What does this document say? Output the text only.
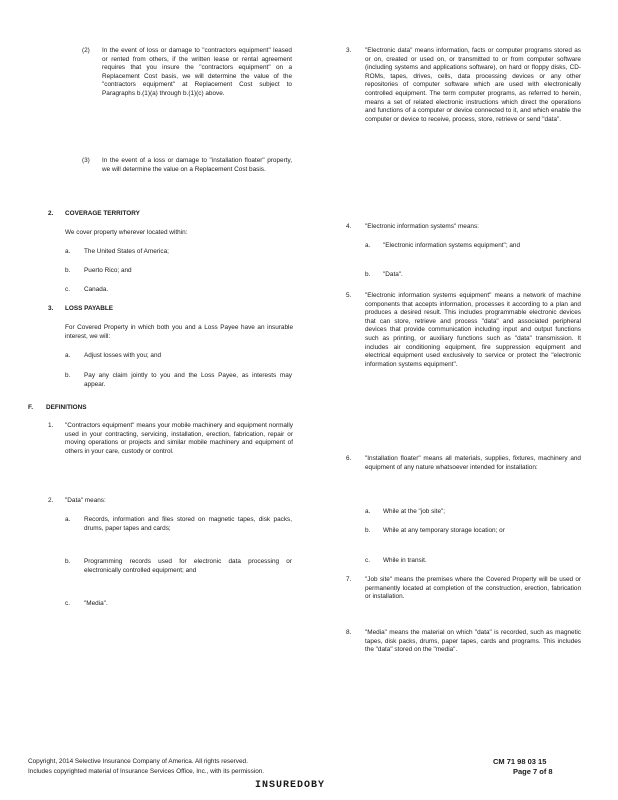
(2) In the event of loss or damage to "contractors equipment" leased or rented from others, if the written lease or rental agreement requires that you insure the "contractors equipment" on a Replacement Cost basis, we will determine the value of the "contractors equipment" at Replacement Cost subject to Paragraphs b.(1)(a) through b.(1)(c) above.

(3) In the event of a loss or damage to "installation floater" property, we will determine the value on a Replacement Cost basis.

2. COVERAGE TERRITORY
We cover property wherever located within:
a. The United States of America;
b. Puerto Rico; and
c. Canada.
3. LOSS PAYABLE

For Covered Property in which both you and a Loss Payee have an insurable interest, we will:

a. Adjust losses with you; and
b. Pay any claim jointly to you and the Loss Payee, as interests may appear.

F. DEFINITIONS
1. "Contractors equipment" means your mobile machinery and equipment normally used in your contracting, servicing, installation, erection, fabrication, repair or moving operations or projects and similar mobile machinery and equipment of others in your care, custody or control.

2. "Data" means:
a. Records, information and files stored on magnetic tapes, disk packs, drums, paper tapes and cards;

b. Programming records used for electronic data processing or electronically controlled equipment; and

c. "Media".
3. "Electronic data" means information, facts or computer programs stored as or on, created or used on, or transmitted to or from computer software (including systems and applications software), on hard or floppy disks, CD-ROMs, tapes, drives, cells, data processing devices or any other repositories of computer software which are used with electronically controlled equipment. The term computer programs, as referred to herein, means a set of related electronic instructions which direct the operations and functions of a computer or device connected to it, and which enable the computer or device to receive, process, store, retrieve or send "data".

4. "Electronic information systems" means:
a. "Electronic information systems equipment"; and

b. "Data".
5. "Electronic information systems equipment" means a network of machine components that accepts information, processes it according to a plan and produces a desired result. This includes programmable electronic devices that can store, retrieve and process "data" and associated peripheral devices that provide communication including input and output functions such as printing, or auxiliary functions such as "data" transmission. It includes air conditioning equipment, fire suppression equipment and electrical equipment used exclusively to service or protect the "electronic information systems equipment".

6. "Installation floater" means all materials, supplies, fixtures, machinery and equipment of any nature whatsoever intended for installation:

a. While at the "job site";
b. While at any temporary storage location; or

c. While in transit.
7. "Job site" means the premises where the Covered Property will be used or permanently located at completion of the construction, erection, fabrication or installation.

8. "Media" means the material on which "data" is recorded, such as magnetic tapes, disk packs, drums, paper tapes, cards and programs. This includes the "data" stored on the "media".

Copyright, 2014 Selective Insurance Company of America. All rights reserved.
Includes copyrighted material of Insurance Services Office, Inc., with its permission.
CM 71 98 03 15
Page 7 of 8
INSUREDOBY
